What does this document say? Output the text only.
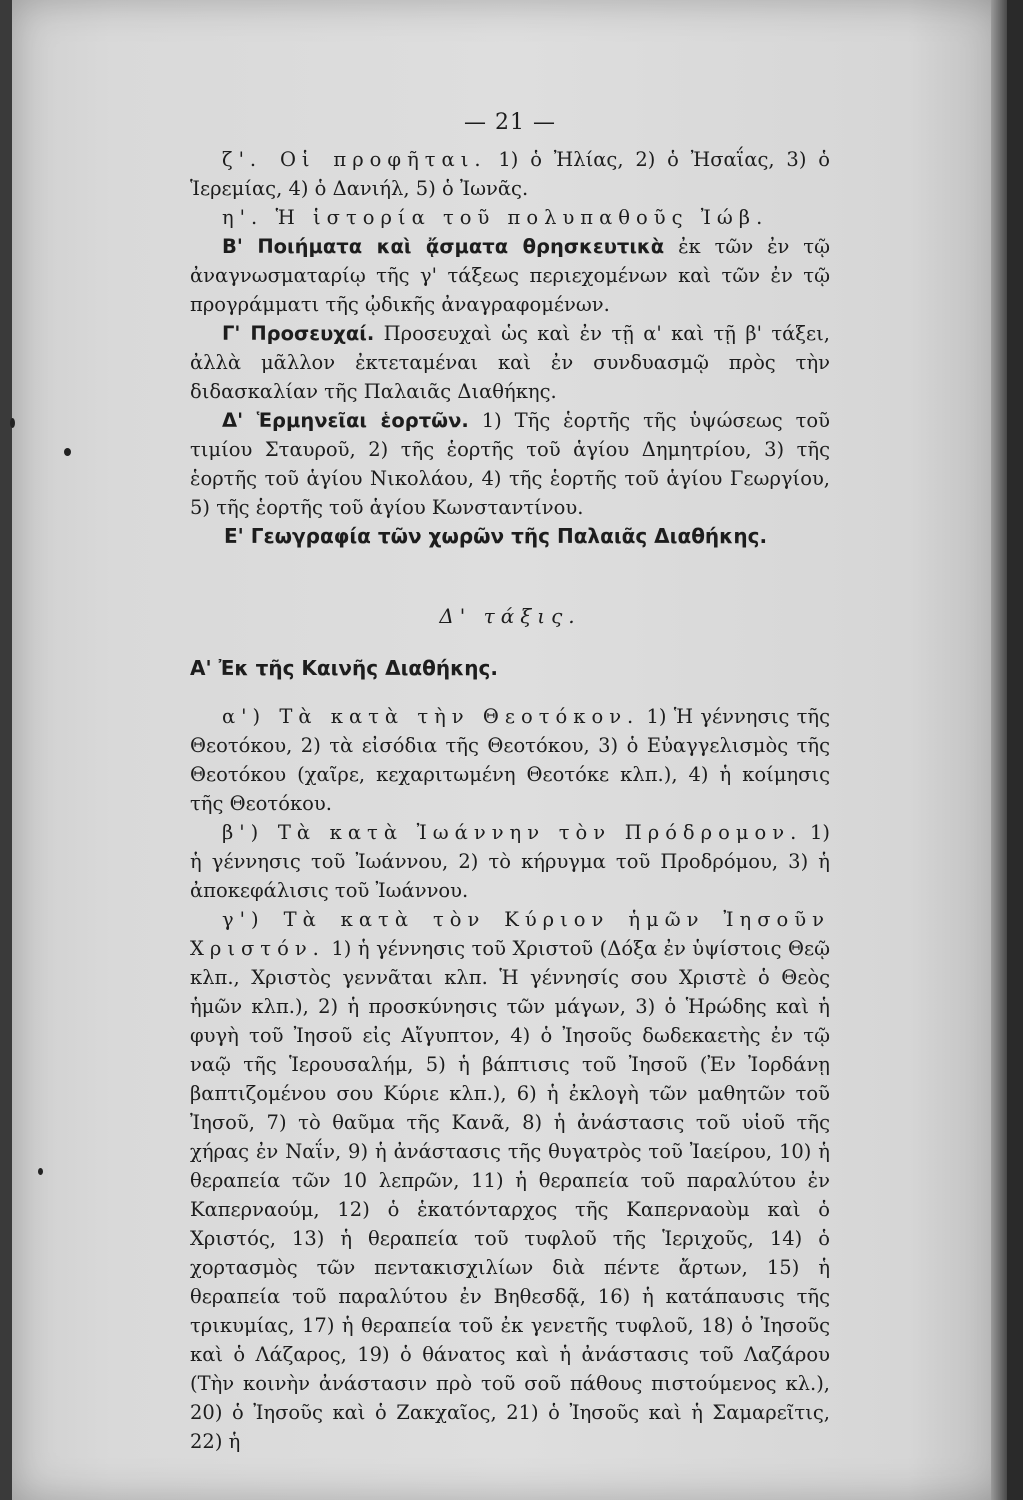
— 21 —

ζ'. Οἱ προφῆται. 1) ὁ Ἠλίας, 2) ὁ Ἠσαΐας, 3) ὁ Ἱερεμίας, 4) ὁ Δανιήλ, 5) ὁ Ἰωνᾶς.

η'. Ἡ ἱστορία τοῦ πολυπαθοῦς Ἰώβ.

Β' Ποιήματα καὶ ᾄσματα θρησκευτικὰ ἐκ τῶν ἐν τῷ ἀναγνωσματαρίῳ τῆς γ' τάξεως περιεχομένων καὶ τῶν ἐν τῷ προγράμματι τῆς ᾠδικῆς ἀναγραφομένων.

Γ' Προσευχαί. Προσευχαὶ ὡς καὶ ἐν τῇ α' καὶ τῇ β' τάξει, ἀλλὰ μᾶλλον ἐκτεταμέναι καὶ ἐν συνδυασμῷ πρὸς τὴν διδασκαλίαν τῆς Παλαιᾶς Διαθήκης.

Δ' Ἑρμηνεῖαι ἑορτῶν. 1) Τῆς ἑορτῆς τῆς ὑψώσεως τοῦ τιμίου Σταυροῦ, 2) τῆς ἑορτῆς τοῦ ἁγίου Δημητρίου, 3) τῆς ἑορτῆς τοῦ ἁγίου Νικολάου, 4) τῆς ἑορτῆς τοῦ ἁγίου Γεωργίου, 5) τῆς ἑορτῆς τοῦ ἁγίου Κωνσταντίνου.

Ε' Γεωγραφία τῶν χωρῶν τῆς Παλαιᾶς Διαθήκης.
Δ' τάξις.
Α' Ἐκ τῆς Καινῆς Διαθήκης.

α') Τὰ κατὰ τὴν Θεοτόκον. 1) Ἡ γέννησις τῆς Θεοτόκου, 2) τὰ εἰσόδια τῆς Θεοτόκου, 3) ὁ Εὐαγγελισμὸς τῆς Θεοτόκου (χαῖρε, κεχαριτωμένη Θεοτόκε κλπ.), 4) ἡ κοίμησις τῆς Θεοτόκου.

β') Τὰ κατὰ Ἰωάννην τὸν Πρόδρομον. 1) ἡ γέννησις τοῦ Ἰωάννου, 2) τὸ κήρυγμα τοῦ Προδρόμου, 3) ἡ ἀποκεφάλισις τοῦ Ἰωάννου.

γ') Τὰ κατὰ τὸν Κύριον ἡμῶν Ἰησοῦν Χριστόν. 1) ἡ γέννησις τοῦ Χριστοῦ (Δόξα ἐν ὑψίστοις Θεῷ κλπ., Χριστὸς γεννᾶται κλπ. Ἡ γέννησίς σου Χριστὲ ὁ Θεὸς ἡμῶν κλπ.), 2) ἡ προσκύνησις τῶν μάγων, 3) ὁ Ἡρώδης καὶ ἡ φυγὴ τοῦ Ἰησοῦ εἰς Αἴγυπτον, 4) ὁ Ἰησοῦς δωδεκαετὴς ἐν τῷ ναῷ τῆς Ἱερουσαλήμ, 5) ἡ βάπτισις τοῦ Ἰησοῦ (Ἐν Ἰορδάνῃ βαπτιζομένου σου Κύριε κλπ.), 6) ἡ ἐκλογὴ τῶν μαθητῶν τοῦ Ἰησοῦ, 7) τὸ θαῦμα τῆς Κανᾶ, 8) ἡ ἀνάστασις τοῦ υἱοῦ τῆς χήρας ἐν Ναΐν, 9) ἡ ἀνάστασις τῆς θυγατρὸς τοῦ Ἰαείρου, 10) ἡ θεραπεία τῶν 10 λεπρῶν, 11) ἡ θεραπεία τοῦ παραλύτου ἐν Καπερναούμ, 12) ὁ ἑκατόνταρχος τῆς Καπερναοὺμ καὶ ὁ Χριστός, 13) ἡ θεραπεία τοῦ τυφλοῦ τῆς Ἱεριχοῦς, 14) ὁ χορτασμὸς τῶν πεντακισχιλίων διὰ πέντε ἄρτων, 15) ἡ θεραπεία τοῦ παραλύτου ἐν Βηθεσδᾷ, 16) ἡ κατάπαυσις τῆς τρικυμίας, 17) ἡ θεραπεία τοῦ ἐκ γενετῆς τυφλοῦ, 18) ὁ Ἰησοῦς καὶ ὁ Λάζαρος, 19) ὁ θάνατος καὶ ἡ ἀνάστασις τοῦ Λαζάρου (Τὴν κοινὴν ἀνάστασιν πρὸ τοῦ σοῦ πάθους πιστούμενος κλ.), 20) ὁ Ἰησοῦς καὶ ὁ Ζακχαῖος, 21) ὁ Ἰησοῦς καὶ ἡ Σαμαρεῖτις, 22) ἡ
